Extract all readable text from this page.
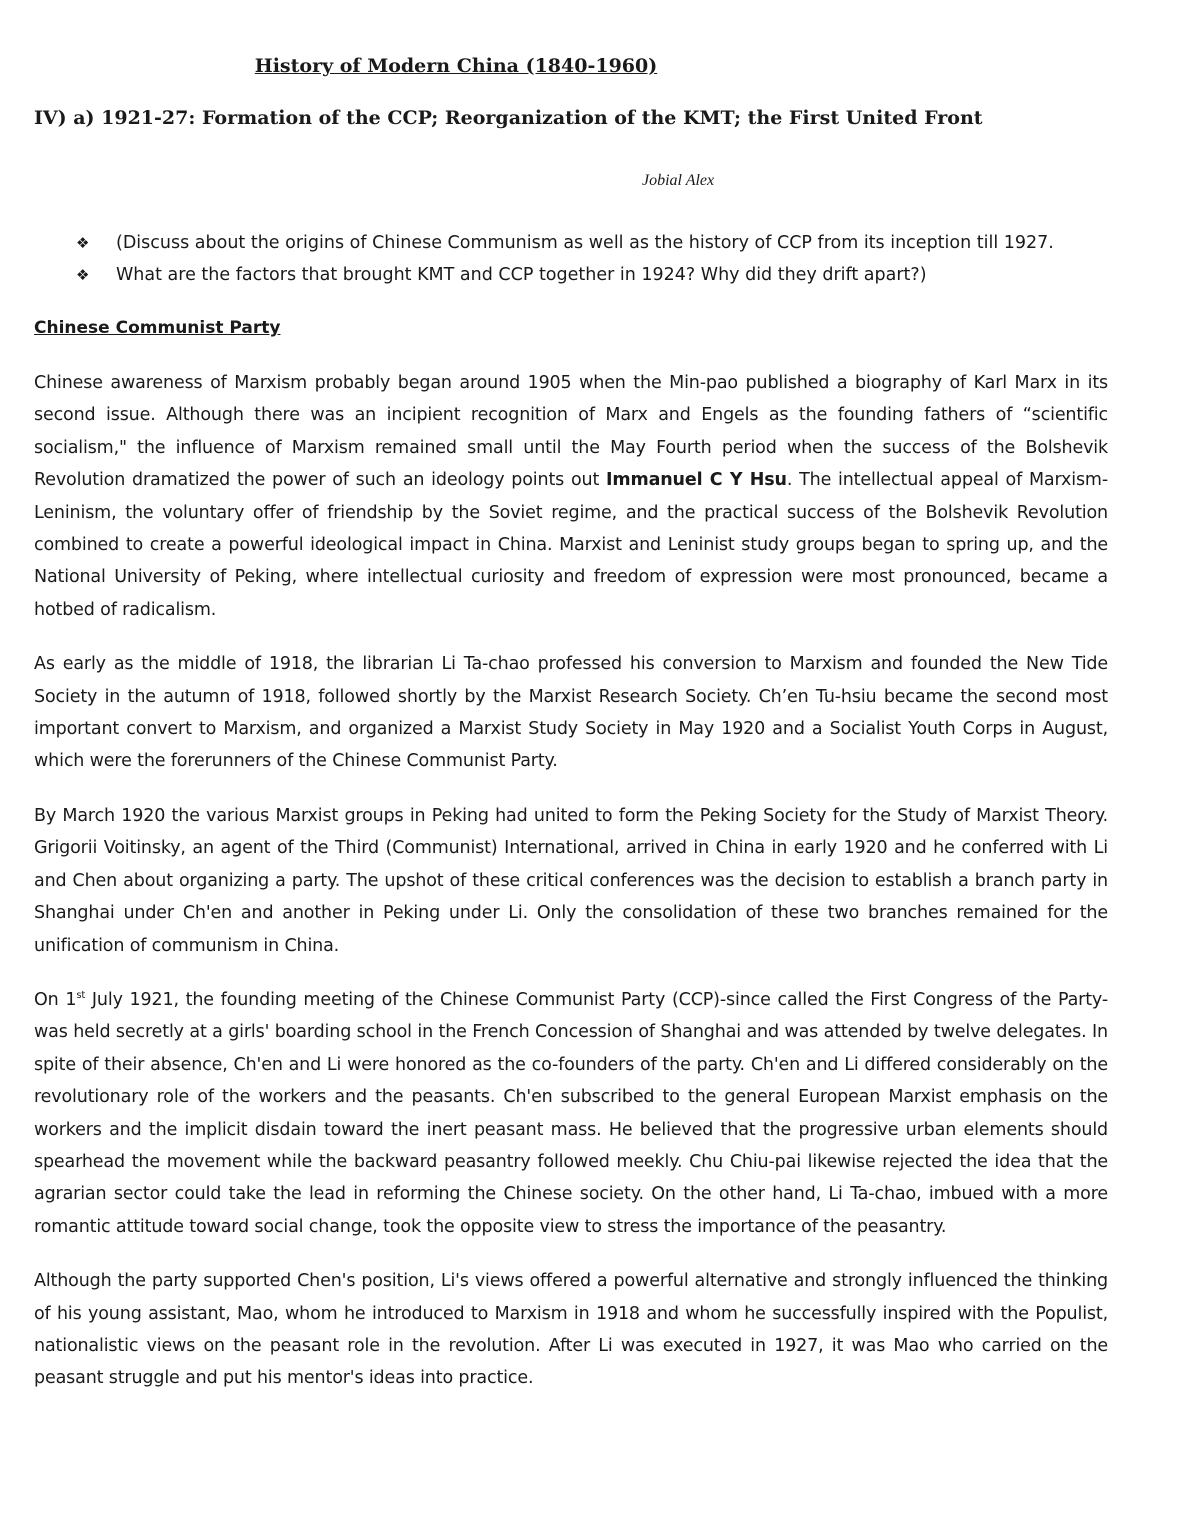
History of Modern China (1840-1960)
IV) a) 1921-27: Formation of the CCP; Reorganization of the KMT; the First United Front
Jobial Alex
❖	(Discuss about the origins of Chinese Communism as well as the history of CCP from its inception till 1927.
❖	What are the factors that brought KMT and CCP together in 1924? Why did they drift apart?)
Chinese Communist Party

Chinese awareness of Marxism probably began around 1905 when the Min-pao published a biography of Karl Marx in its second issue. Although there was an incipient recognition of Marx and Engels as the founding fathers of “scientific socialism," the influence of Marxism remained small until the May Fourth period when the success of the Bolshevik Revolution dramatized the power of such an ideology points out Immanuel C Y Hsu. The intellectual appeal of Marxism-Leninism, the voluntary offer of friendship by the Soviet regime, and the practical success of the Bolshevik Revolution combined to create a powerful ideological impact in China. Marxist and Leninist study groups began to spring up, and the National University of Peking, where intellectual curiosity and freedom of expression were most pronounced, became a hotbed of radicalism.

As early as the middle of 1918, the librarian Li Ta-chao professed his conversion to Marxism and founded the New Tide Society in the autumn of 1918, followed shortly by the Marxist Research Society. Ch’en Tu-hsiu became the second most important convert to Marxism, and organized a Marxist Study Society in May 1920 and a Socialist Youth Corps in August, which were the forerunners of the Chinese Communist Party.

By March 1920 the various Marxist groups in Peking had united to form the Peking Society for the Study of Marxist Theory. Grigorii Voitinsky, an agent of the Third (Communist) International, arrived in China in early 1920 and he conferred with Li and Chen about organizing a party. The upshot of these critical conferences was the decision to establish a branch party in Shanghai under Ch'en and another in Peking under Li. Only the consolidation of these two branches remained for the unification of communism in China.

On 1st July 1921, the founding meeting of the Chinese Communist Party (CCP)-since called the First Congress of the Party-was held secretly at a girls' boarding school in the French Concession of Shanghai and was attended by twelve delegates. In spite of their absence, Ch'en and Li were honored as the co-founders of the party. Ch'en and Li differed considerably on the revolutionary role of the workers and the peasants. Ch'en subscribed to the general European Marxist emphasis on the workers and the implicit disdain toward the inert peasant mass. He believed that the progressive urban elements should spearhead the movement while the backward peasantry followed meekly. Chu Chiu-pai likewise rejected the idea that the agrarian sector could take the lead in reforming the Chinese society. On the other hand, Li Ta-chao, imbued with a more romantic attitude toward social change, took the opposite view to stress the importance of the peasantry.

Although the party supported Chen's position, Li's views offered a powerful alternative and strongly influenced the thinking of his young assistant, Mao, whom he introduced to Marxism in 1918 and whom he successfully inspired with the Populist, nationalistic views on the peasant role in the revolution. After Li was executed in 1927, it was Mao who carried on the peasant struggle and put his mentor's ideas into practice.
